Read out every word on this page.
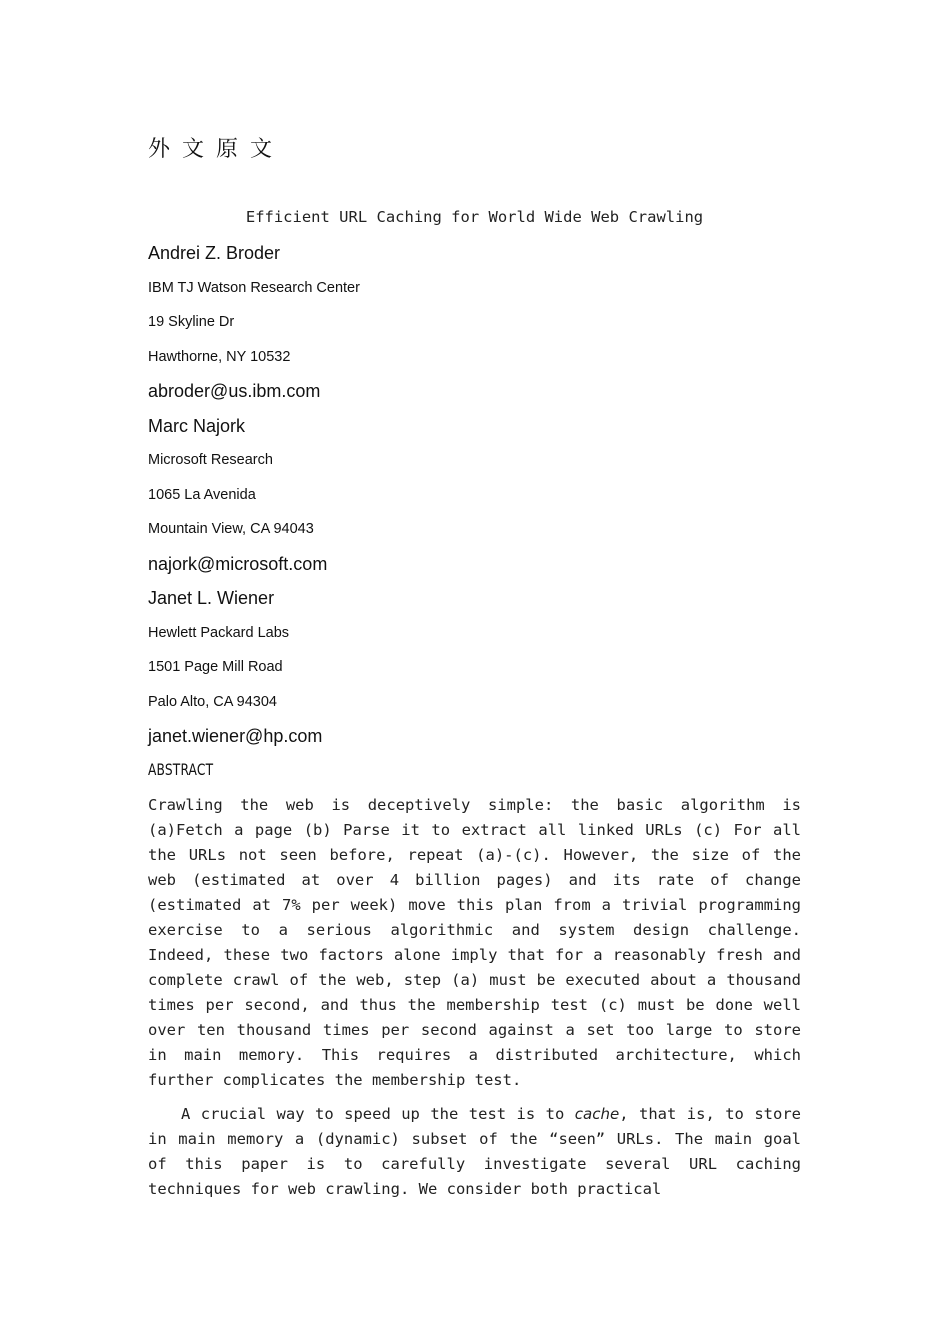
外文原文
Efficient URL Caching for World Wide Web Crawling
Andrei Z. Broder
IBM TJ Watson Research Center
19 Skyline Dr
Hawthorne, NY 10532
abroder@us.ibm.com
Marc Najork
Microsoft Research
1065 La Avenida
Mountain View, CA 94043
najork@microsoft.com
Janet L. Wiener
Hewlett Packard Labs
1501 Page Mill Road
Palo Alto, CA 94304
janet.wiener@hp.com
ABSTRACT

Crawling the web is deceptively simple: the basic algorithm is (a)Fetch a page (b) Parse it to extract all linked URLs (c) For all the URLs not seen before, repeat (a)-(c). However, the size of the web (estimated at over 4 billion pages) and its rate of change (estimated at 7% per week) move this plan from a trivial programming exercise to a serious algorithmic and system design challenge. Indeed, these two factors alone imply that for a reasonably fresh and complete crawl of the web, step (a) must be executed about a thousand times per second, and thus the membership test (c) must be done well over ten thousand times per second against a set too large to store in main memory. This requires a distributed architecture, which further complicates the membership test.

A crucial way to speed up the test is to cache, that is, to store in main memory a (dynamic) subset of the “seen” URLs. The main goal of this paper is to carefully investigate several URL caching techniques for web crawling. We consider both practical
